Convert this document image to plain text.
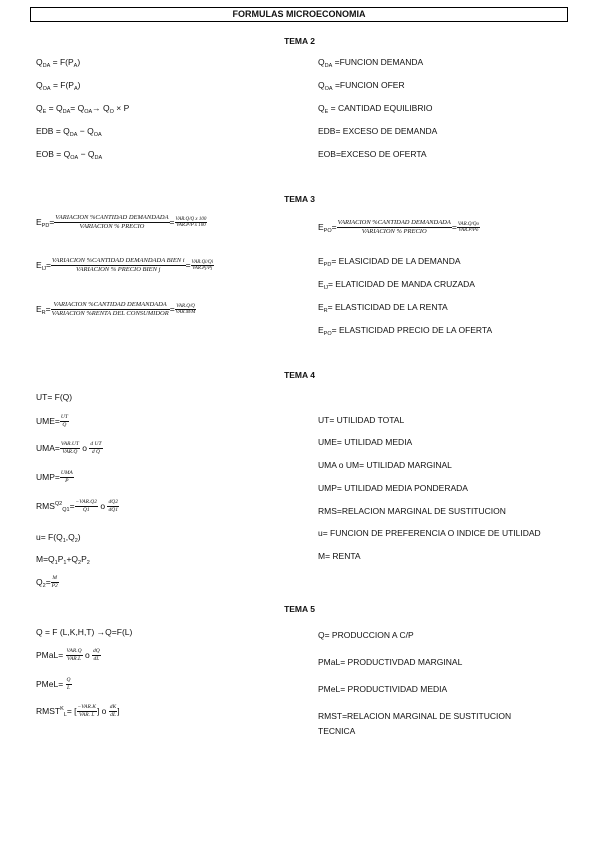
FORMULAS MICROECONOMIA
TEMA 2
$Q_{DA} = F(P_A)$
$Q_{OA} = F(P_A)$
$Q_E = Q_{DA}= Q_{OA}\to Q_O \times P$
EDB = $Q_{DA} - Q_{OA}$
EOB = $Q_{OA} - Q_{DA}$
$Q_{DA}$ =FUNCION DEMANDA
$Q_{OA}$ =FUNCION OFER
$Q_E$ = CANTIDAD EQUILIBRIO
EDB= EXCESO DE DEMANDA
EOB=EXCESO DE OFERTA
TEMA 3
$E_{PD}= \frac{\text{VARIACION \%CANTIDAD DEMANDADA}}{\text{VARIACION \% PRECIO}} = \frac{\text{VAR.Q/Q x 100}}{\text{VAR.P/P x 100}}$
$E_{IJ}= \frac{\text{VARIACION \%CANTIDAD DEMANDADA BIEN i}}{\text{VARIACION \% PRECIO BIEN j}} = \frac{\text{VAR.Qi/Qi}}{\text{VAR.Pj/Pj}}$
$E_R= \frac{\text{VARIACION \%CANTIDAD DEMANDADA}}{\text{VARIACION \%RENTA DEL CONSUMIDOR}} = \frac{\text{VAR.Q/Q}}{\text{VAR.M/M}}$
$E_{PO}= \frac{\text{VARIACION \%CANTIDAD DEMANDADA}}{\text{VARIACION \% PRECIO}} = \frac{\text{VAR.Q/Qo}}{\text{VAR.P/Po}}$
$E_{PD}=$ ELASICIDAD DE LA DEMANDA
$E_{IJ}=$ ELATICIDAD DE MANDA CRUZADA
$E_R=$ ELASTICIDAD DE LA RENTA
$E_{PO}=$ ELASTICIDAD PRECIO DE LA OFERTA
TEMA 4
UT= F(Q)
$UME= \frac{UT}{Q}$
$UMA= \frac{\text{VAR.UT}}{\text{VAR.Q}}$ o $\frac{\text{d UT}}{\text{d Q}}$
$UMP= \frac{\text{UMA}}{P}$
$RMS^{Q2}_{Q1}= \frac{\text{−VAR.Q2}}{Q1}$ o $\frac{dQ2}{dQ1}$
$u= F(Q_1,Q_2)$
$M=Q_1P_1+Q_2P_2$
$Q_2= \frac{M}{P2}$
UT= UTILIDAD TOTAL
UME= UTILIDAD MEDIA
UMA o UM= UTILIDAD MARGINAL
UMP= UTILIDAD MEDIA PONDERADA
RMS=RELACION MARGINAL DE SUSTITUCION
u= FUNCION DE PREFERENCIA O INDICE DE UTILIDAD
M= RENTA
TEMA 5
Q = F (L,K,H,T) →Q=F(L)
PMaL= $\frac{\text{VAR.Q}}{\text{VAR.L}}$ o $\frac{dQ}{dL}$
PMeL= $\frac{Q}{L}$
$RMST^K_L=$ [ $\frac{\text{−VAR.K}}{\text{VAR. L}}$ ] o $\frac{dK}{dL}$ ]
Q= PRODUCCION A C/P
PMaL= PRODUCTIVDAD MARGINAL
PMeL= PRODUCTIVIDAD MEDIA
RMST=RELACION MARGINAL DE SUSTITUCION
TECNICA
